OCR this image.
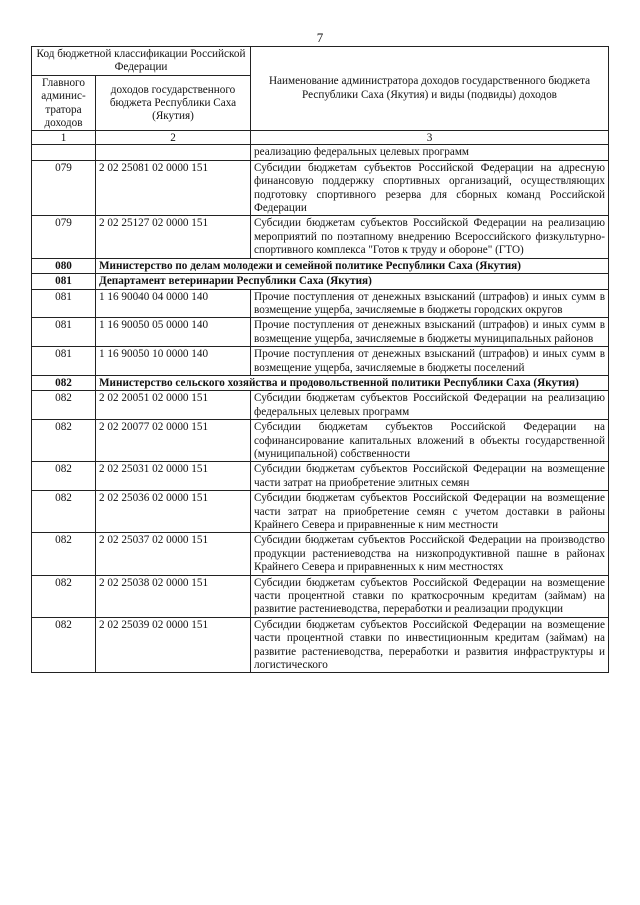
7
Код бюджетной классификации Российской Федерации		Наименование администратора доходов государственного бюджета Республики Саха (Якутия) и виды (подвиды) доходов
Главного админис-тратора доходов	доходов государственного бюджета Республики Саха (Якутия)	
1	2	3
		реализацию федеральных целевых программ
079	2 02 25081 02 0000 151	Субсидии бюджетам субъектов Российской Федерации на адресную финансовую поддержку спортивных организаций, осуществляющих подготовку спортивного резерва для сборных команд Российской Федерации
079	2 02 25127 02 0000 151	Субсидии бюджетам субъектов Российской Федерации на реализацию мероприятий по поэтапному внедрению Всероссийского физкультурно-спортивного комплекса "Готов к труду и обороне" (ГТО)
080	Министерство по делам молодежи и семейной политике Республики Саха (Якутия)	
081	Департамент ветеринарии Республики Саха (Якутия)	
081	1 16 90040 04 0000 140	Прочие поступления от денежных взысканий (штрафов) и иных сумм в возмещение ущерба, зачисляемые в бюджеты городских округов
081	1 16 90050 05 0000 140	Прочие поступления от денежных взысканий (штрафов) и иных сумм в возмещение ущерба, зачисляемые в бюджеты муниципальных районов
081	1 16 90050 10 0000 140	Прочие поступления от денежных взысканий (штрафов) и иных сумм в возмещение ущерба, зачисляемые в бюджеты поселений
082	Министерство сельского хозяйства и продовольственной политики Республики Саха (Якутия)	
082	2 02 20051 02 0000 151	Субсидии бюджетам субъектов Российской Федерации на реализацию федеральных целевых программ
082	2 02 20077 02 0000 151	Субсидии бюджетам субъектов Российской Федерации на софинансирование капитальных вложений в объекты государственной (муниципальной) собственности
082	2 02 25031 02 0000 151	Субсидии бюджетам субъектов Российской Федерации на возмещение части затрат на приобретение элитных семян
082	2 02 25036 02 0000 151	Субсидии бюджетам субъектов Российской Федерации на возмещение части затрат на приобретение семян с учетом доставки в районы Крайнего Севера и приравненные к ним местности
082	2 02 25037 02 0000 151	Субсидии бюджетам субъектов Российской Федерации на производство продукции растениеводства на низкопродуктивной пашне в районах Крайнего Севера и приравненных к ним местностях
082	2 02 25038 02 0000 151	Субсидии бюджетам субъектов Российской Федерации на возмещение части процентной ставки по краткосрочным кредитам (займам) на развитие растениеводства, переработки и реализации продукции
082	2 02 25039 02 0000 151	Субсидии бюджетам субъектов Российской Федерации на возмещение части процентной ставки по инвестиционным кредитам (займам) на развитие растениеводства, переработки и развития инфраструктуры и логистического
